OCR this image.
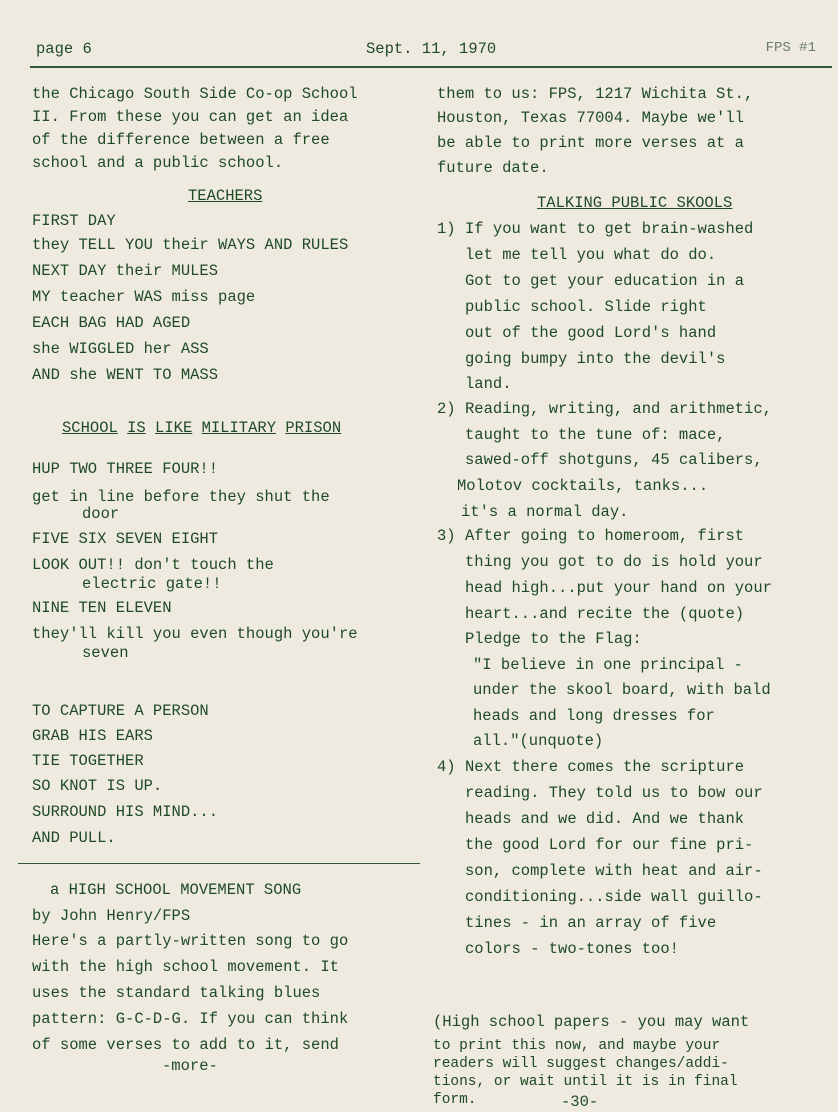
page 6	Sept. 11, 1970	FPS #1
the Chicago South Side Co-op School
II. From these you can get an idea
of the difference between a free
school and a public school.
TEACHERS
FIRST DAY
they TELL YOU their WAYS AND RULES
NEXT DAY their MULES
MY teacher WAS miss page
EACH BAG HAD AGED
she WIGGLED her ASS
AND she WENT TO MASS
SCHOOL IS LIKE MILITARY PRISON
HUP TWO THREE FOUR!!
get in line before they shut the
door
FIVE SIX SEVEN EIGHT
LOOK OUT!! don't touch the
electric gate!!
NINE TEN ELEVEN
they'll kill you even though you're
seven
TO CAPTURE A PERSON
GRAB HIS EARS
TIE TOGETHER
SO KNOT IS UP.
SURROUND HIS MIND...
AND PULL.
a HIGH SCHOOL MOVEMENT SONG
by John Henry/FPS
Here's a partly-written song to go
with the high school movement. It
uses the standard talking blues
pattern: G-C-D-G. If you can think
of some verses to add to it, send
-more-
them to us: FPS, 1217 Wichita St.,
Houston, Texas 77004. Maybe we'll
be able to print more verses at a
future date.
TALKING PUBLIC SKOOLS
1) If you want to get brain-washed
let me tell you what do do.
Got to get your education in a
public school. Slide right
out of the good Lord's hand
going bumpy into the devil's
land.
2) Reading, writing, and arithmetic,
taught to the tune of: mace,
sawed-off shotguns, 45 calibers,
Molotov cocktails, tanks...
it's a normal day.
3) After going to homeroom, first
thing you got to do is hold your
head high...put your hand on your
heart...and recite the (quote)
Pledge to the Flag:
"I believe in one principal -
under the skool board, with bald
heads and long dresses for
all."(unquote)
4) Next there comes the scripture
reading. They told us to bow our
heads and we did. And we thank
the good Lord for our fine pri-
son, complete with heat and air-
conditioning...side wall guillo-
tines - in an array of five
colors - two-tones too!
(High school papers - you may want
to print this now, and maybe your
readers will suggest changes/addi-
tions, or wait until it is in final
form.	-30-
